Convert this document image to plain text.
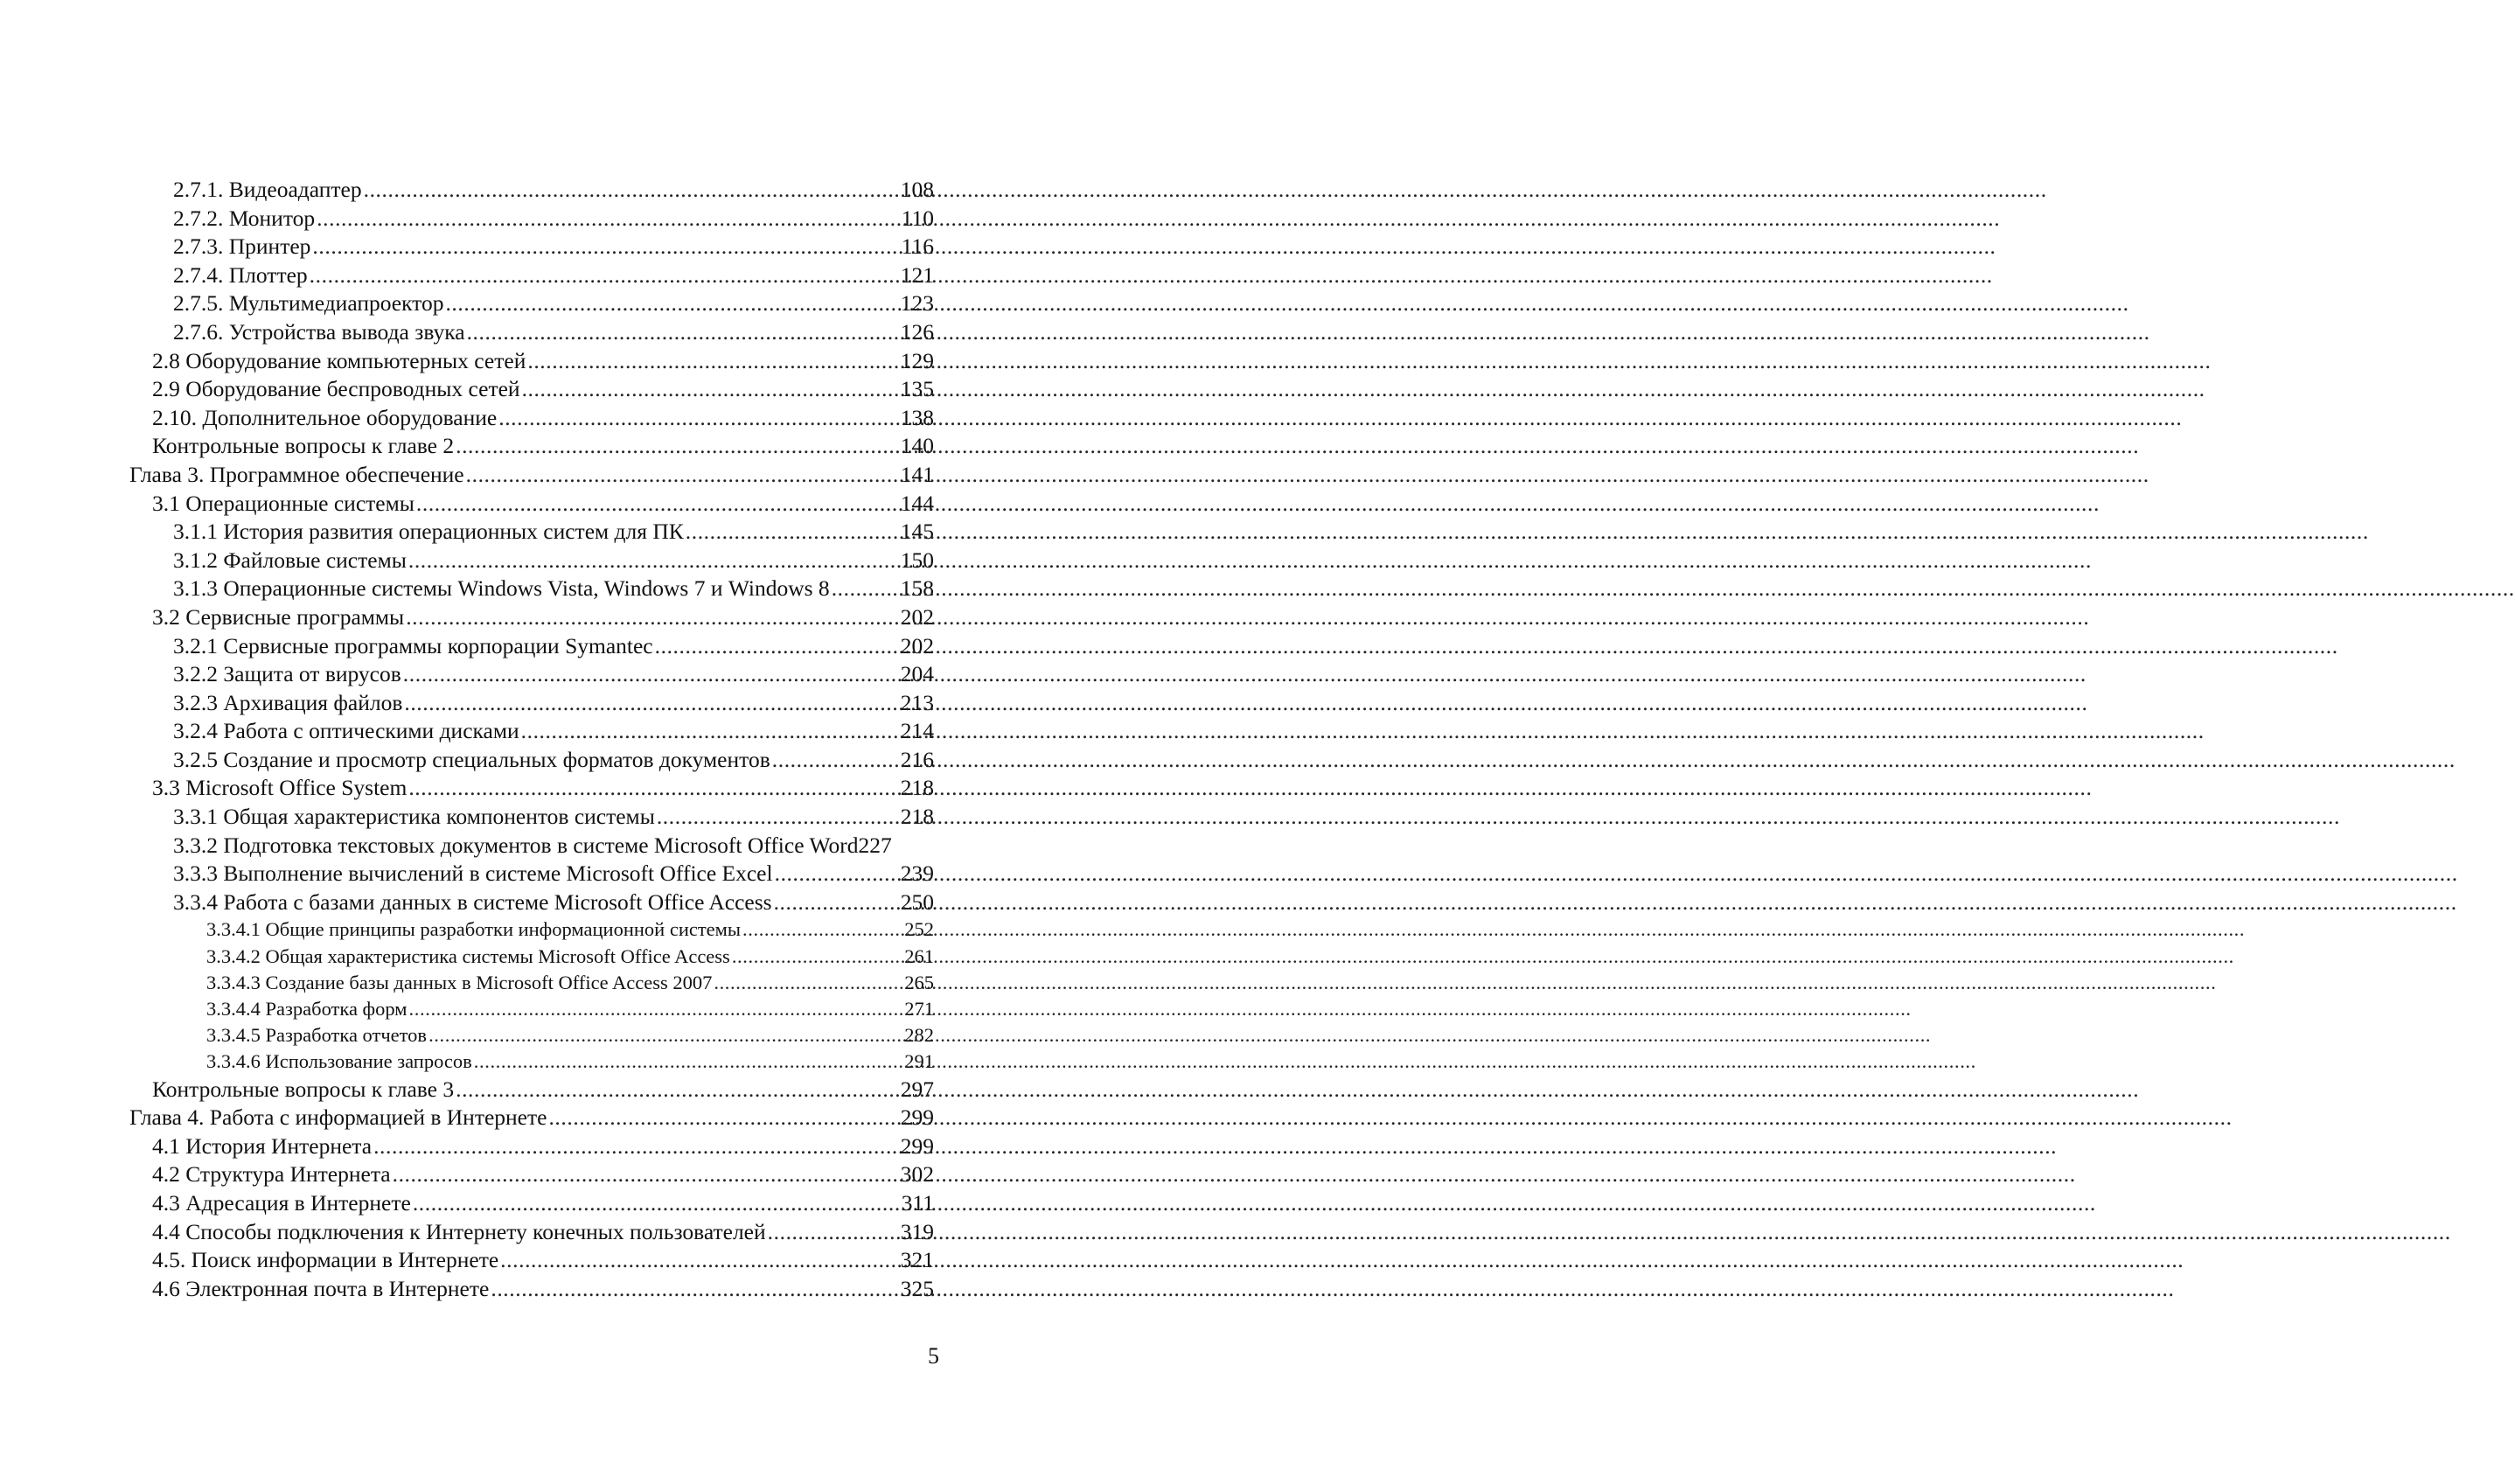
2.7.1. Видеоадаптер .....	108
2.7.2. Монитор .....	110
2.7.3. Принтер .....	116
2.7.4. Плоттер .....	121
2.7.5. Мультимедиапроектор .....	123
2.7.6. Устройства вывода звука .....	126
2.8 Оборудование компьютерных сетей .....	129
2.9 Оборудование беспроводных сетей .....	135
2.10. Дополнительное оборудование .....	138
Контрольные вопросы к главе 2 .....	140
Глава 3. Программное обеспечение .....	141
3.1 Операционные системы .....	144
3.1.1 История развития операционных систем для ПК .....	145
3.1.2 Файловые системы .....	150
3.1.3 Операционные системы Windows Vista, Windows 7 и Windows 8 .....	158
3.2 Сервисные программы .....	202
3.2.1 Сервисные программы корпорации Symantec .....	202
3.2.2 Защита от вирусов .....	204
3.2.3 Архивация файлов .....	213
3.2.4 Работа с оптическими дисками .....	214
3.2.5 Создание и просмотр специальных форматов документов .....	216
3.3 Microsoft Office System .....	218
3.3.1 Общая характеристика компонентов системы .....	218
3.3.2 Подготовка текстовых документов в системе Microsoft Office Word 227
3.3.3 Выполнение вычислений в системе Microsoft Office Excel .....	239
3.3.4 Работа с базами данных в системе Microsoft Office Access .....	250
3.3.4.1 Общие принципы разработки информационной системы .....	252
3.3.4.2 Общая характеристика системы Microsoft Office Access .....	261
3.3.4.3 Создание базы данных в Microsoft Office Access 2007 .....	265
3.3.4.4 Разработка форм .....	271
3.3.4.5 Разработка отчетов .....	282
3.3.4.6 Использование запросов .....	291
Контрольные вопросы к главе 3 .....	297
Глава 4. Работа с информацией в Интернете .....	299
4.1 История Интернета .....	299
4.2 Структура Интернета .....	302
4.3 Адресация в Интернете .....	311
4.4 Способы подключения к Интернету конечных пользователей .....	319
4.5. Поиск информации в Интернете .....	321
4.6 Электронная почта в Интернете .....	325
5
